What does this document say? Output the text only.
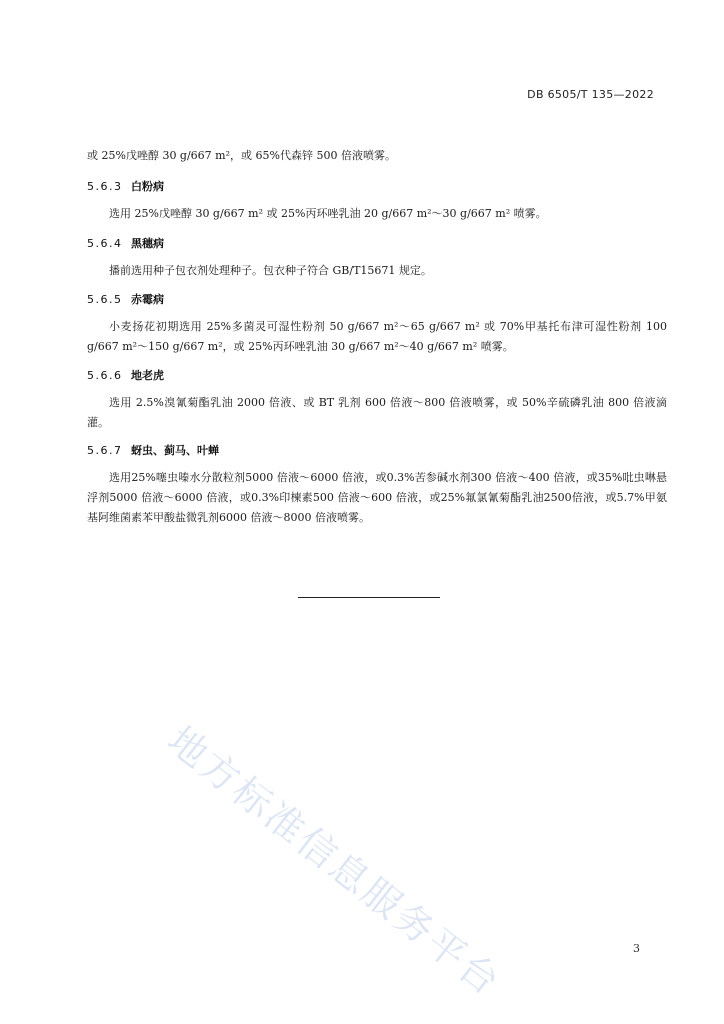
DB 6505/T 135—2022
或 25%戊唑醇 30 g/667 m²，或 65%代森锌 500 倍液喷雾。
5.6.3 白粉病
选用 25%戊唑醇 30 g/667 m² 或 25%丙环唑乳油 20 g/667 m²～30 g/667 m² 喷雾。
5.6.4 黑穗病
播前选用种子包衣剂处理种子。包衣种子符合 GB/T15671 规定。
5.6.5 赤霉病
小麦扬花初期选用 25%多菌灵可湿性粉剂 50 g/667 m²～65 g/667 m² 或 70%甲基托布津可湿性粉剂 100 g/667 m²～150 g/667 m²，或 25%丙环唑乳油 30 g/667 m²～40 g/667 m² 喷雾。
5.6.6 地老虎
选用 2.5%溴氰菊酯乳油 2000 倍液、或 BT 乳剂 600 倍液～800 倍液喷雾，或 50%辛硫磷乳油 800 倍液滴灌。
5.6.7 蚜虫、蓟马、叶蝉
选用25%噻虫嗪水分散粒剂5000 倍液～6000 倍液，或0.3%苦参碱水剂300 倍液～400 倍液，或35%吡虫啉悬浮剂5000 倍液～6000 倍液，或0.3%印楝素500 倍液～600 倍液，或25%氟氯氰菊酯乳油2500倍液，或5.7%甲氨基阿维菌素苯甲酸盐微乳剂6000 倍液～8000 倍液喷雾。
地方标准信息服务平台	3
